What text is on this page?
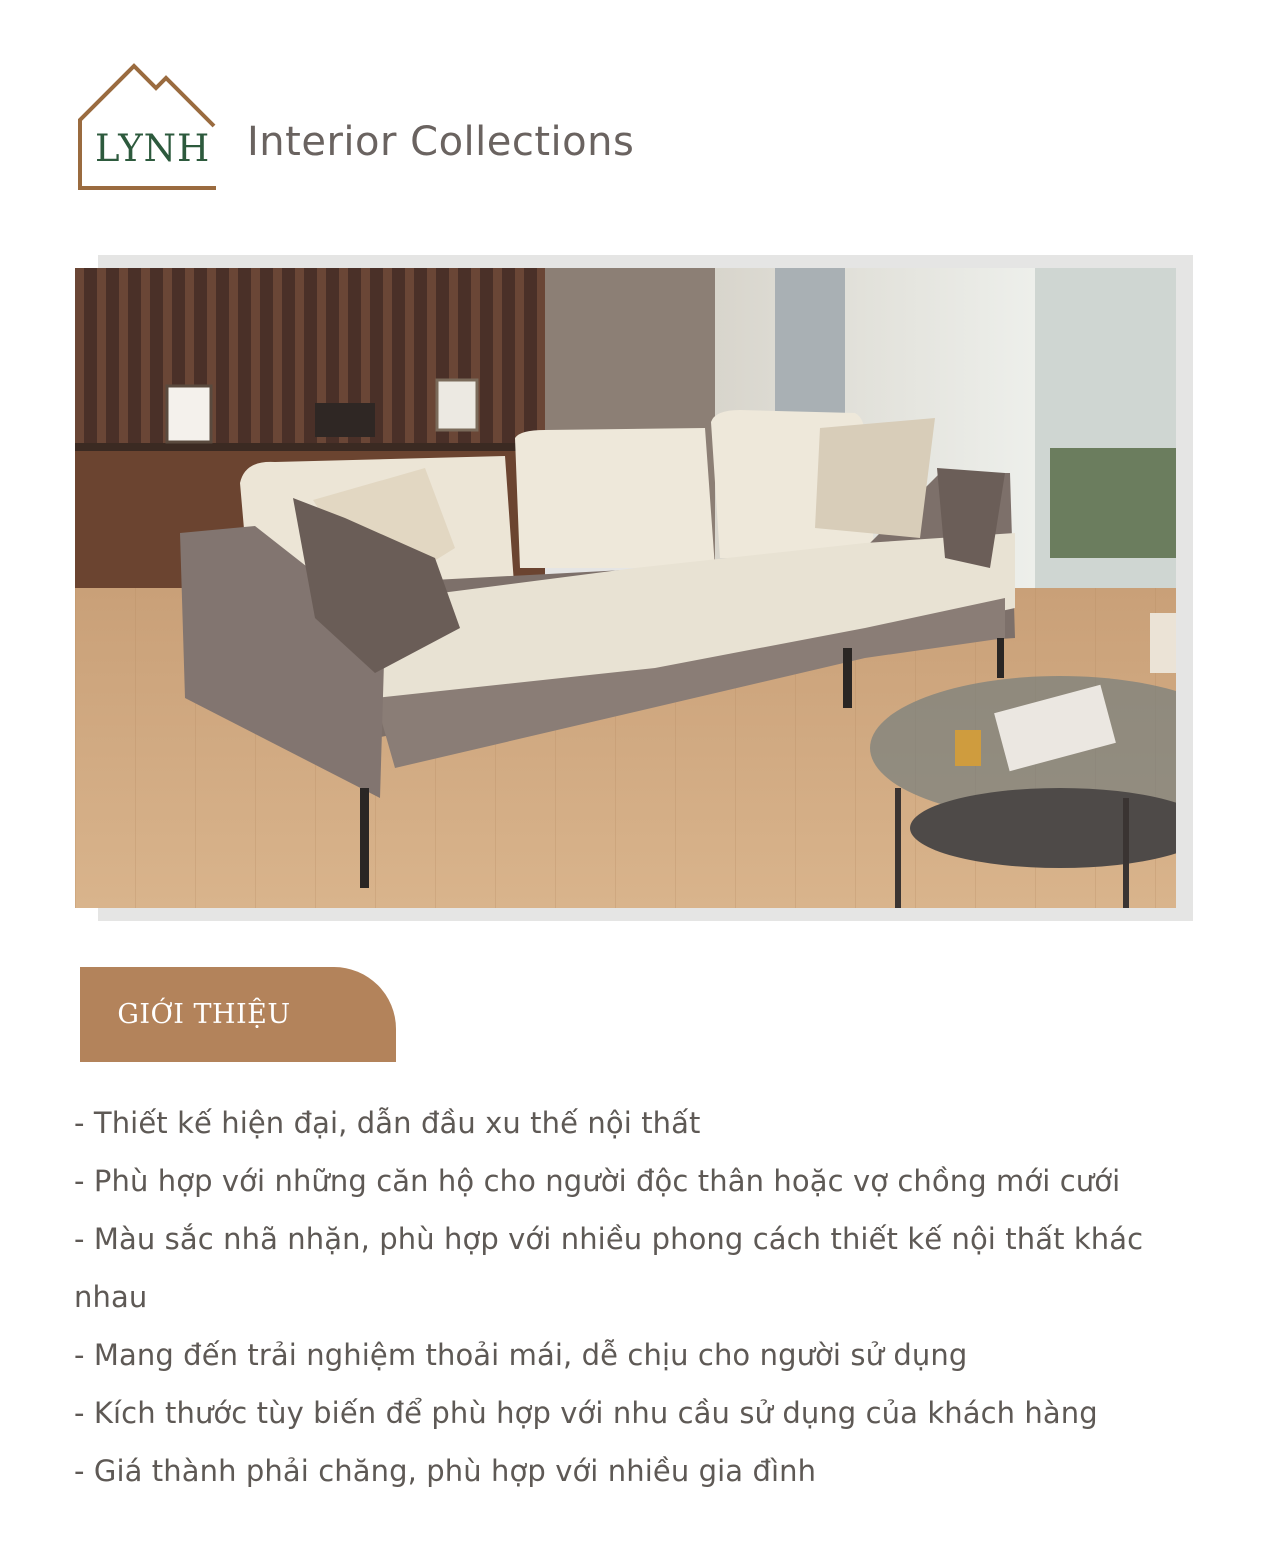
LYNH Interior Collections
GIỚI THIỆU
- Thiết kế hiện đại, dẫn đầu xu thế nội thất
- Phù hợp với những căn hộ cho người độc thân hoặc vợ chồng mới cưới
- Màu sắc nhã nhặn, phù hợp với nhiều phong cách thiết kế nội thất khác nhau
- Mang đến trải nghiệm thoải mái, dễ chịu cho người sử dụng
- Kích thước tùy biến để phù hợp với nhu cầu sử dụng của khách hàng
- Giá thành phải chăng, phù hợp với nhiều gia đình
